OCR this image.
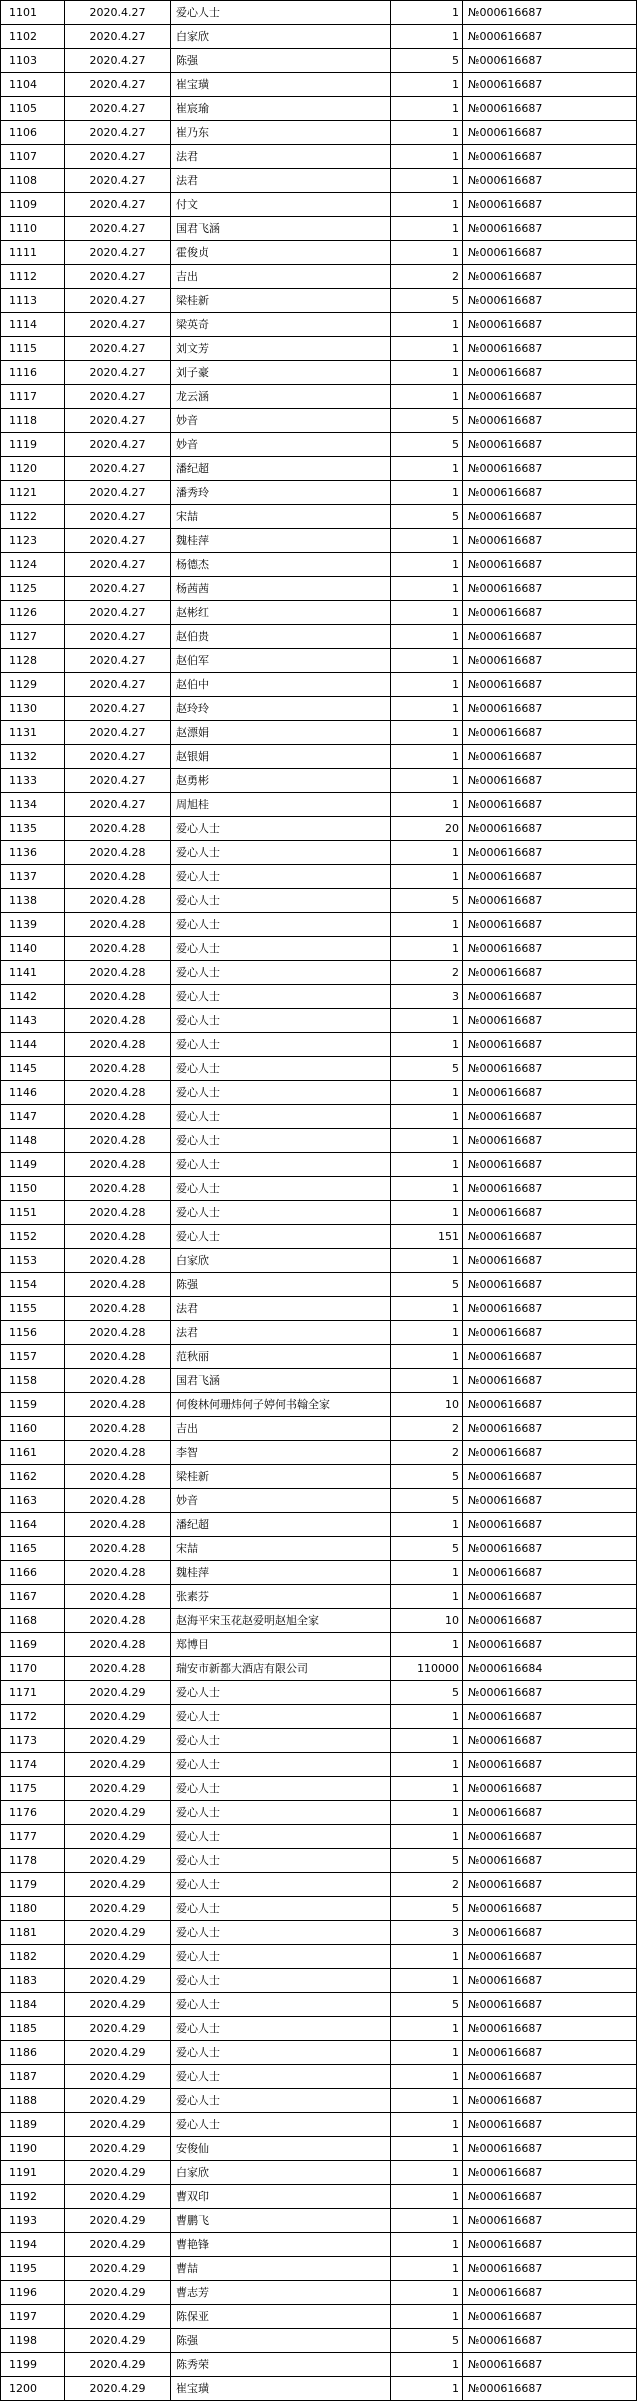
1101	2020.4.27	爱心人士	1	№000616687
1102	2020.4.27	白家欣	1	№000616687
1103	2020.4.27	陈强	5	№000616687
1104	2020.4.27	崔宝璜	1	№000616687
1105	2020.4.27	崔宸瑜	1	№000616687
1106	2020.4.27	崔乃东	1	№000616687
1107	2020.4.27	法君	1	№000616687
1108	2020.4.27	法君	1	№000616687
1109	2020.4.27	付文	1	№000616687
1110	2020.4.27	国君飞涵	1	№000616687
1111	2020.4.27	霍俊贞	1	№000616687
1112	2020.4.27	吉出	2	№000616687
1113	2020.4.27	梁桂新	5	№000616687
1114	2020.4.27	梁英奇	1	№000616687
1115	2020.4.27	刘文芳	1	№000616687
1116	2020.4.27	刘子豪	1	№000616687
1117	2020.4.27	龙云涵	1	№000616687
1118	2020.4.27	妙音	5	№000616687
1119	2020.4.27	妙音	5	№000616687
1120	2020.4.27	潘纪超	1	№000616687
1121	2020.4.27	潘秀玲	1	№000616687
1122	2020.4.27	宋喆	5	№000616687
1123	2020.4.27	魏桂萍	1	№000616687
1124	2020.4.27	杨德杰	1	№000616687
1125	2020.4.27	杨茜茜	1	№000616687
1126	2020.4.27	赵彬红	1	№000616687
1127	2020.4.27	赵伯贵	1	№000616687
1128	2020.4.27	赵伯军	1	№000616687
1129	2020.4.27	赵伯中	1	№000616687
1130	2020.4.27	赵玲玲	1	№000616687
1131	2020.4.27	赵漂娟	1	№000616687
1132	2020.4.27	赵银娟	1	№000616687
1133	2020.4.27	赵勇彬	1	№000616687
1134	2020.4.27	周旭桂	1	№000616687
1135	2020.4.28	爱心人士	20	№000616687
1136	2020.4.28	爱心人士	1	№000616687
1137	2020.4.28	爱心人士	1	№000616687
1138	2020.4.28	爱心人士	5	№000616687
1139	2020.4.28	爱心人士	1	№000616687
1140	2020.4.28	爱心人士	1	№000616687
1141	2020.4.28	爱心人士	2	№000616687
1142	2020.4.28	爱心人士	3	№000616687
1143	2020.4.28	爱心人士	1	№000616687
1144	2020.4.28	爱心人士	1	№000616687
1145	2020.4.28	爱心人士	5	№000616687
1146	2020.4.28	爱心人士	1	№000616687
1147	2020.4.28	爱心人士	1	№000616687
1148	2020.4.28	爱心人士	1	№000616687
1149	2020.4.28	爱心人士	1	№000616687
1150	2020.4.28	爱心人士	1	№000616687
1151	2020.4.28	爱心人士	1	№000616687
1152	2020.4.28	爱心人士	151	№000616687
1153	2020.4.28	白家欣	1	№000616687
1154	2020.4.28	陈强	5	№000616687
1155	2020.4.28	法君	1	№000616687
1156	2020.4.28	法君	1	№000616687
1157	2020.4.28	范秋丽	1	№000616687
1158	2020.4.28	国君飞涵	1	№000616687
1159	2020.4.28	何俊林何珊炜何子婷何书翰全家	10	№000616687
1160	2020.4.28	吉出	2	№000616687
1161	2020.4.28	李智	2	№000616687
1162	2020.4.28	梁桂新	5	№000616687
1163	2020.4.28	妙音	5	№000616687
1164	2020.4.28	潘纪超	1	№000616687
1165	2020.4.28	宋喆	5	№000616687
1166	2020.4.28	魏桂萍	1	№000616687
1167	2020.4.28	张素芬	1	№000616687
1168	2020.4.28	赵海平宋玉花赵爱明赵旭全家	10	№000616687
1169	2020.4.28	郑博目	1	№000616687
1170	2020.4.28	瑞安市新都大酒店有限公司	110000	№000616684
1171	2020.4.29	爱心人士	5	№000616687
1172	2020.4.29	爱心人士	1	№000616687
1173	2020.4.29	爱心人士	1	№000616687
1174	2020.4.29	爱心人士	1	№000616687
1175	2020.4.29	爱心人士	1	№000616687
1176	2020.4.29	爱心人士	1	№000616687
1177	2020.4.29	爱心人士	1	№000616687
1178	2020.4.29	爱心人士	5	№000616687
1179	2020.4.29	爱心人士	2	№000616687
1180	2020.4.29	爱心人士	5	№000616687
1181	2020.4.29	爱心人士	3	№000616687
1182	2020.4.29	爱心人士	1	№000616687
1183	2020.4.29	爱心人士	1	№000616687
1184	2020.4.29	爱心人士	5	№000616687
1185	2020.4.29	爱心人士	1	№000616687
1186	2020.4.29	爱心人士	1	№000616687
1187	2020.4.29	爱心人士	1	№000616687
1188	2020.4.29	爱心人士	1	№000616687
1189	2020.4.29	爱心人士	1	№000616687
1190	2020.4.29	安俊仙	1	№000616687
1191	2020.4.29	白家欣	1	№000616687
1192	2020.4.29	曹双印	1	№000616687
1193	2020.4.29	曹鹏飞	1	№000616687
1194	2020.4.29	曹艳锋	1	№000616687
1195	2020.4.29	曹喆	1	№000616687
1196	2020.4.29	曹志芳	1	№000616687
1197	2020.4.29	陈保亚	1	№000616687
1198	2020.4.29	陈强	5	№000616687
1199	2020.4.29	陈秀荣	1	№000616687
1200	2020.4.29	崔宝璜	1	№000616687
